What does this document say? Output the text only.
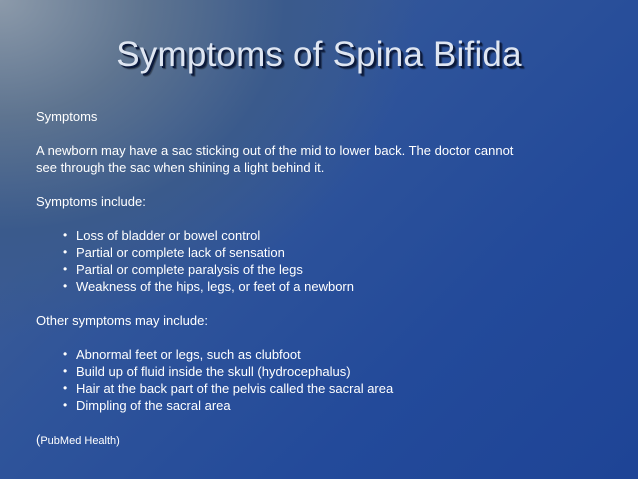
Symptoms of Spina Bifida

Symptoms

A newborn may have a sac sticking out of the mid to lower back. The doctor cannot

see through the sac when shining a light behind it.

Symptoms include:

• Loss of bladder or bowel control
• Partial or complete lack of sensation
• Partial or complete paralysis of the legs
• Weakness of the hips, legs, or feet of a newborn

Other symptoms may include:

• Abnormal feet or legs, such as clubfoot
• Build up of fluid inside the skull (hydrocephalus)
• Hair at the back part of the pelvis called the sacral area
• Dimpling of the sacral area

(PubMed Health)
